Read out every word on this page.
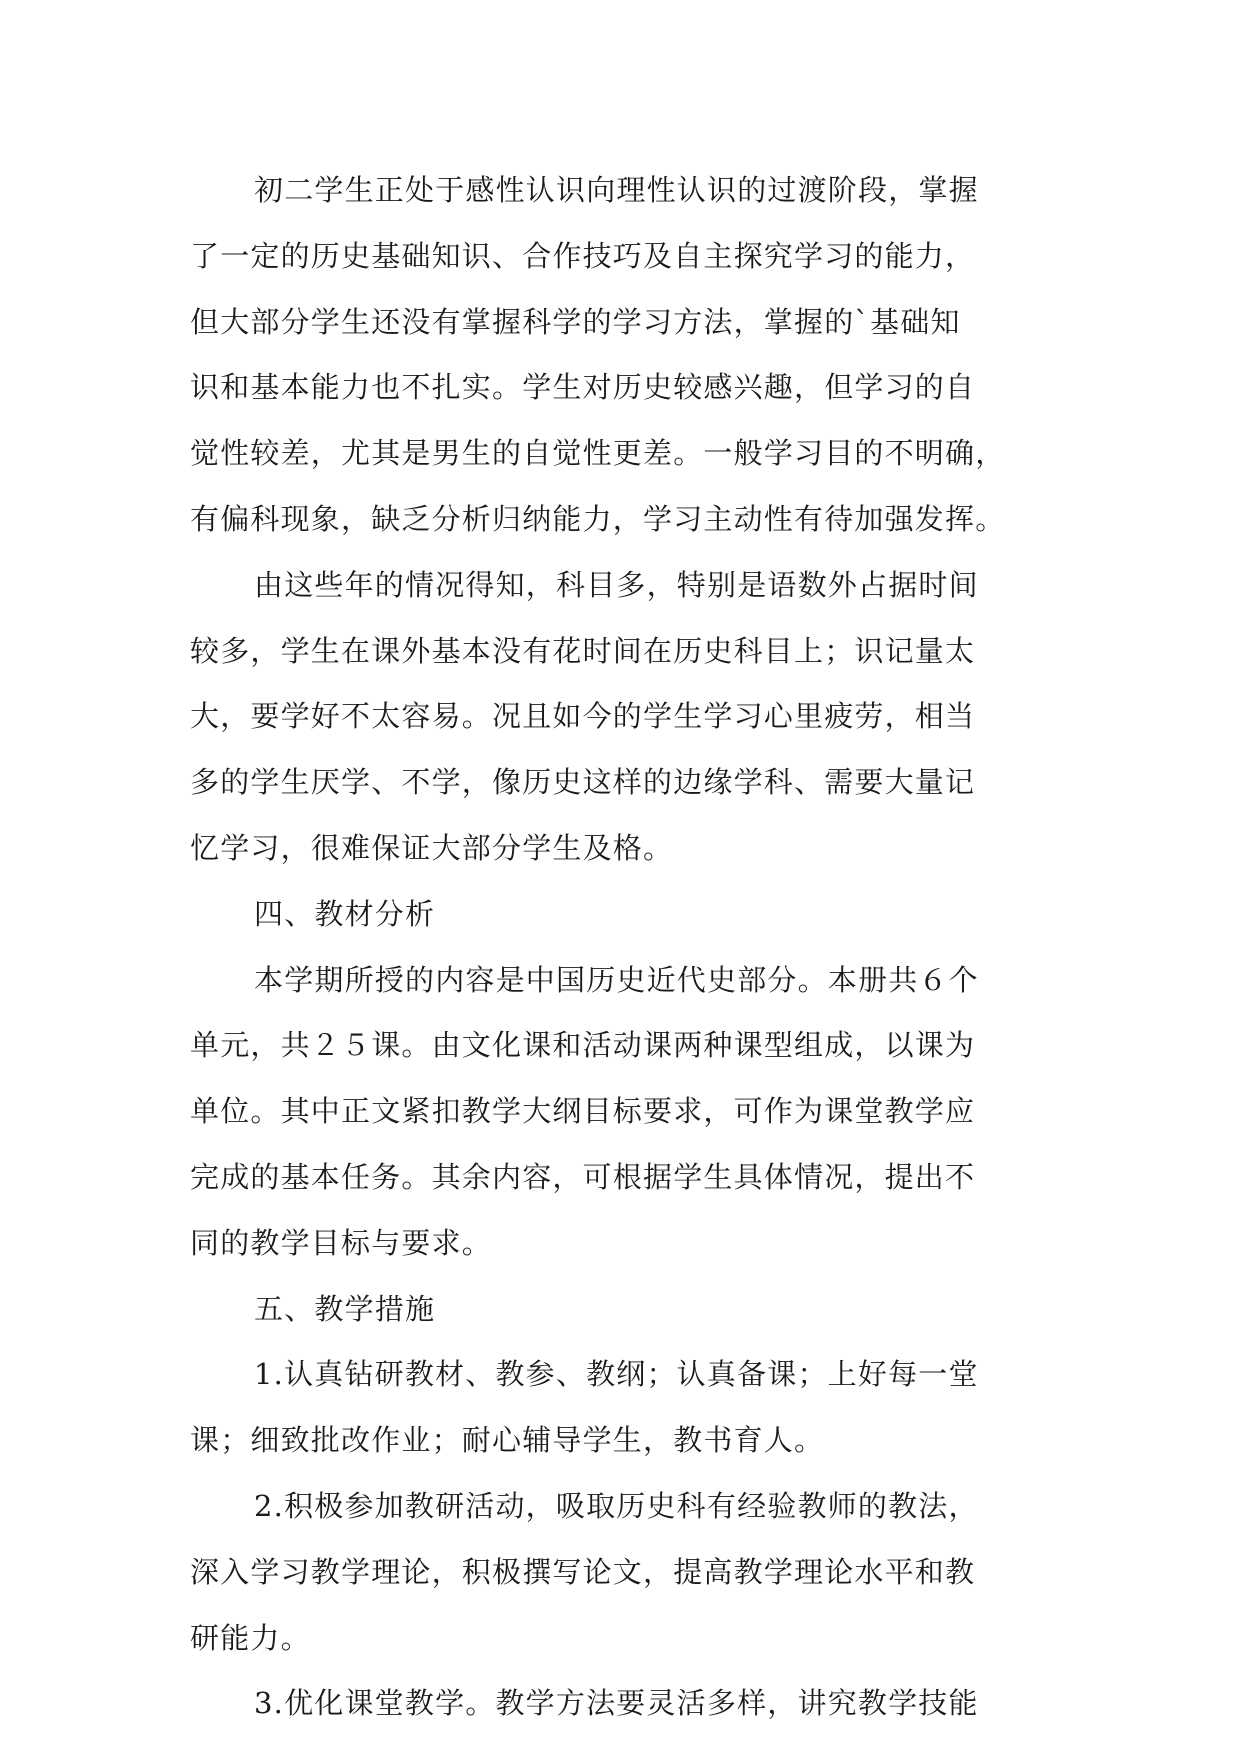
初二学生正处于感性认识向理性认识的过渡阶段，掌握
了一定的历史基础知识、合作技巧及自主探究学习的能力，
但大部分学生还没有掌握科学的学习方法，掌握的`基础知
识和基本能力也不扎实。学生对历史较感兴趣，但学习的自
觉性较差，尤其是男生的自觉性更差。一般学习目的不明确，
有偏科现象，缺乏分析归纳能力，学习主动性有待加强发挥。
由这些年的情况得知，科目多，特别是语数外占据时间
较多，学生在课外基本没有花时间在历史科目上；识记量太
大，要学好不太容易。况且如今的学生学习心里疲劳，相当
多的学生厌学、不学，像历史这样的边缘学科、需要大量记
忆学习，很难保证大部分学生及格。
四、教材分析
本学期所授的内容是中国历史近代史部分。本册共６个
单元，共２５课。由文化课和活动课两种课型组成，以课为
单位。其中正文紧扣教学大纲目标要求，可作为课堂教学应
完成的基本任务。其余内容，可根据学生具体情况，提出不
同的教学目标与要求。
五、教学措施
1.认真钻研教材、教参、教纲；认真备课；上好每一堂
课；细致批改作业；耐心辅导学生，教书育人。
2.积极参加教研活动，吸取历史科有经验教师的教法，
深入学习教学理论，积极撰写论文，提高教学理论水平和教
研能力。
3.优化课堂教学。教学方法要灵活多样，讲究教学技能
